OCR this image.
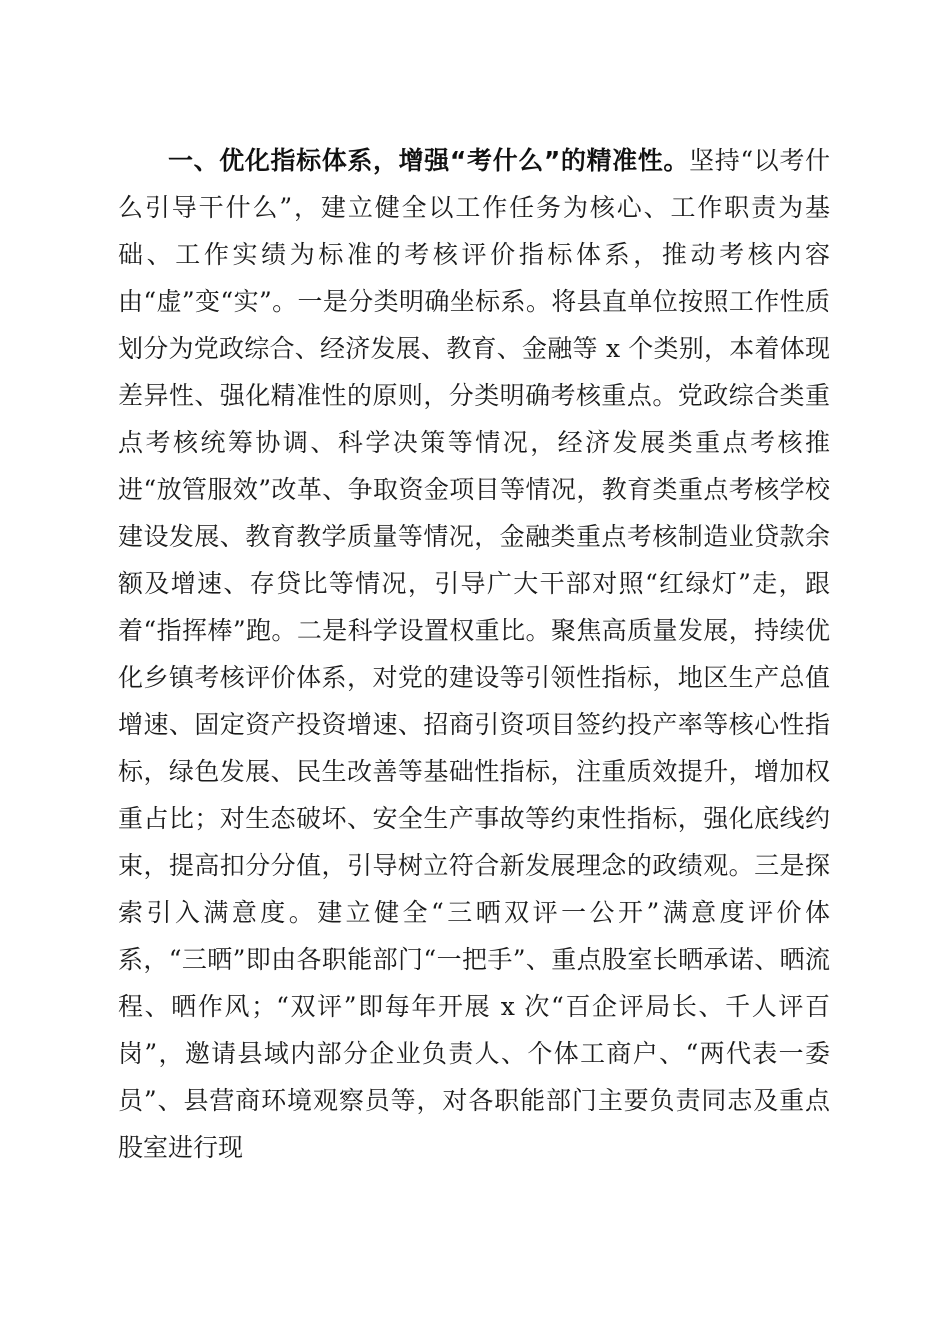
一、优化指标体系，增强“考什么”的精准性。坚持“以考什么引导干什么”，建立健全以工作任务为核心、工作职责为基础、工作实绩为标准的考核评价指标体系，推动考核内容由“虚”变“实”。一是分类明确坐标系。将县直单位按照工作性质划分为党政综合、经济发展、教育、金融等 x 个类别，本着体现差异性、强化精准性的原则，分类明确考核重点。党政综合类重点考核统筹协调、科学决策等情况，经济发展类重点考核推进“放管服效”改革、争取资金项目等情况，教育类重点考核学校建设发展、教育教学质量等情况，金融类重点考核制造业贷款余额及增速、存贷比等情况，引导广大干部对照“红绿灯”走，跟着“指挥棒”跑。二是科学设置权重比。聚焦高质量发展，持续优化乡镇考核评价体系，对党的建设等引领性指标，地区生产总值增速、固定资产投资增速、招商引资项目签约投产率等核心性指标，绿色发展、民生改善等基础性指标，注重质效提升，增加权重占比；对生态破坏、安全生产事故等约束性指标，强化底线约束，提高扣分分值，引导树立符合新发展理念的政绩观。三是探索引入满意度。建立健全“三晒双评一公开”满意度评价体系，“三晒”即由各职能部门“一把手”、重点股室长晒承诺、晒流程、晒作风；“双评”即每年开展 x 次“百企评局长、千人评百岗”，邀请县域内部分企业负责人、个体工商户、“两代表一委员”、县营商环境观察员等，对各职能部门主要负责同志及重点股室进行现
